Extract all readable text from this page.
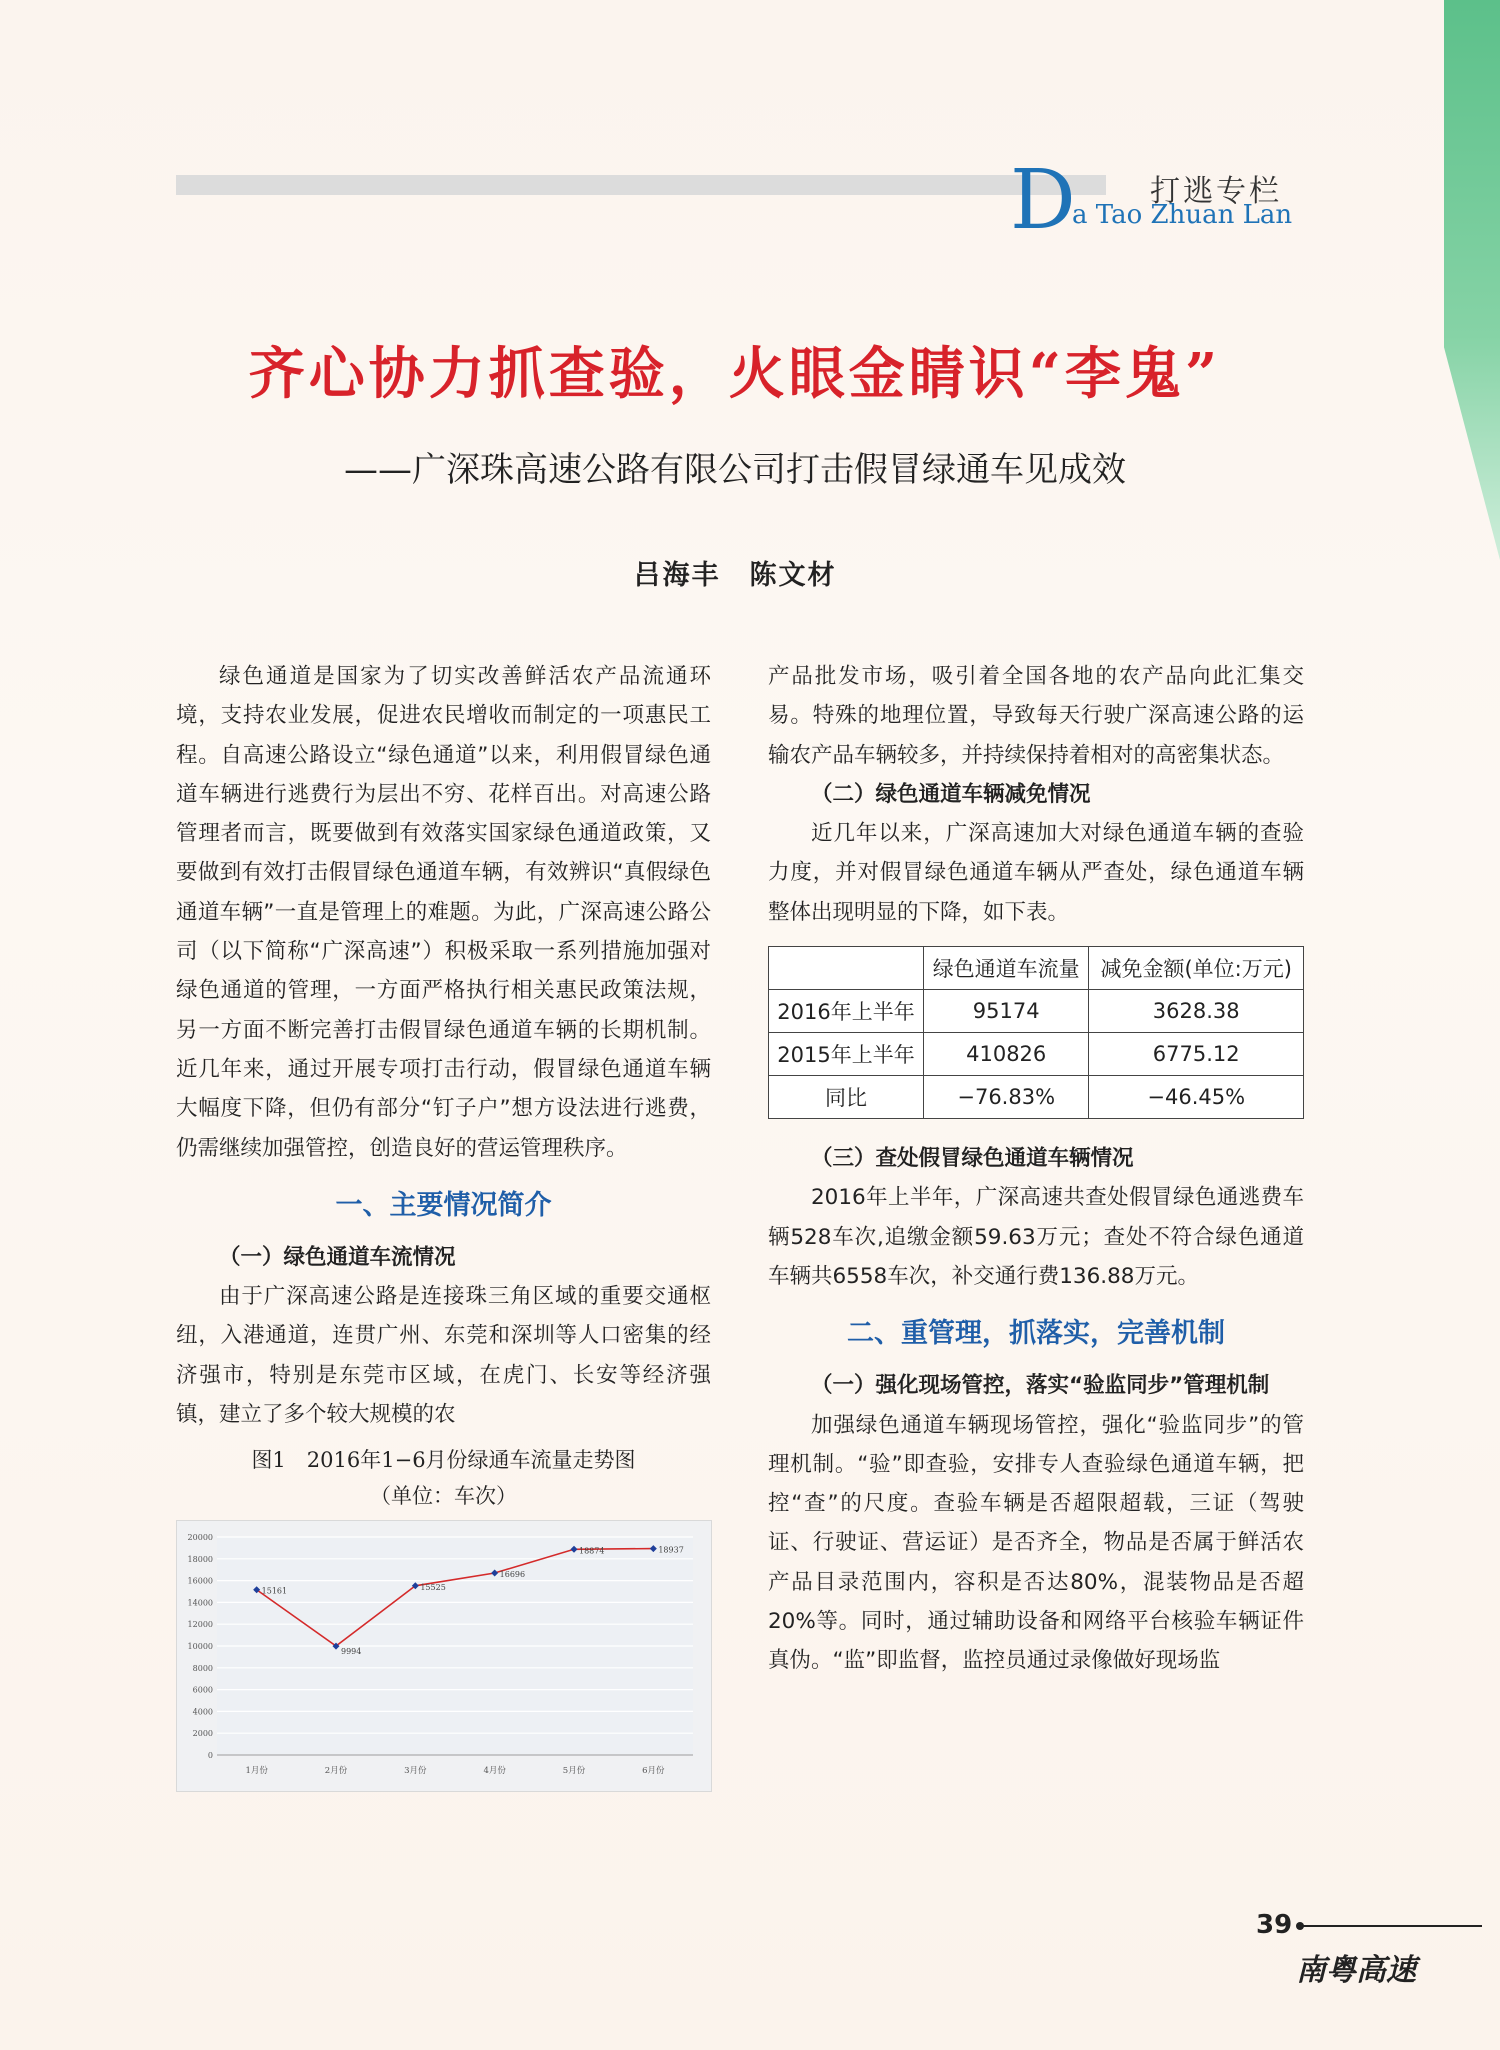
D 打逃专栏
a Tao Zhuan Lan
齐心协力抓查验，火眼金睛识“李鬼”
——广深珠高速公路有限公司打击假冒绿通车见成效
吕海丰　陈文材

绿色通道是国家为了切实改善鲜活农产品流通环境，支持农业发展，促进农民增收而制定的一项惠民工程。自高速公路设立“绿色通道”以来，利用假冒绿色通道车辆进行逃费行为层出不穷、花样百出。对高速公路管理者而言，既要做到有效落实国家绿色通道政策，又要做到有效打击假冒绿色通道车辆，有效辨识“真假绿色通道车辆”一直是管理上的难题。为此，广深高速公路公司（以下简称“广深高速”）积极采取一系列措施加强对绿色通道的管理，一方面严格执行相关惠民政策法规，另一方面不断完善打击假冒绿色通道车辆的长期机制。近几年来，通过开展专项打击行动，假冒绿色通道车辆大幅度下降，但仍有部分“钉子户”想方设法进行逃费，仍需继续加强管控，创造良好的营运管理秩序。

一、主要情况简介

（一）绿色通道车流情况

由于广深高速公路是连接珠三角区域的重要交通枢纽，入港通道，连贯广州、东莞和深圳等人口密集的经济强市，特别是东莞市区域，在虎门、长安等经济强镇，建立了多个较大规模的农

图1　2016年1−6月份绿通车流量走势图
（单位：车次）
0
2000
4000
6000
8000
10000
12000
14000
16000
18000
20000
1月份	2月份	3月份	4月份	5月份	6月份
15161
9994
15525
16696
18874	18937

产品批发市场，吸引着全国各地的农产品向此汇集交易。特殊的地理位置，导致每天行驶广深高速公路的运输农产品车辆较多，并持续保持着相对的高密集状态。

（二）绿色通道车辆减免情况

近几年以来，广深高速加大对绿色通道车辆的查验力度，并对假冒绿色通道车辆从严查处，绿色通道车辆整体出现明显的下降，如下表。

	绿色通道车流量	减免金额(单位:万元)
2016年上半年	95174	3628.38
2015年上半年	410826	6775.12
同比	−76.83%	−46.45%

（三）查处假冒绿色通道车辆情况

2016年上半年，广深高速共查处假冒绿色通逃费车辆528车次,追缴金额59.63万元；查处不符合绿色通道车辆共6558车次，补交通行费136.88万元。

二、重管理，抓落实，完善机制

（一）强化现场管控，落实“验监同步”管理机制

加强绿色通道车辆现场管控，强化“验监同步”的管理机制。“验”即查验，安排专人查验绿色通道车辆，把控“查”的尺度。查验车辆是否超限超载，三证（驾驶证、行驶证、营运证）是否齐全，物品是否属于鲜活农产品目录范围内，容积是否达80%，混装物品是否超20%等。同时，通过辅助设备和网络平台核验车辆证件真伪。“监”即监督，监控员通过录像做好现场监

39
南粤高速
